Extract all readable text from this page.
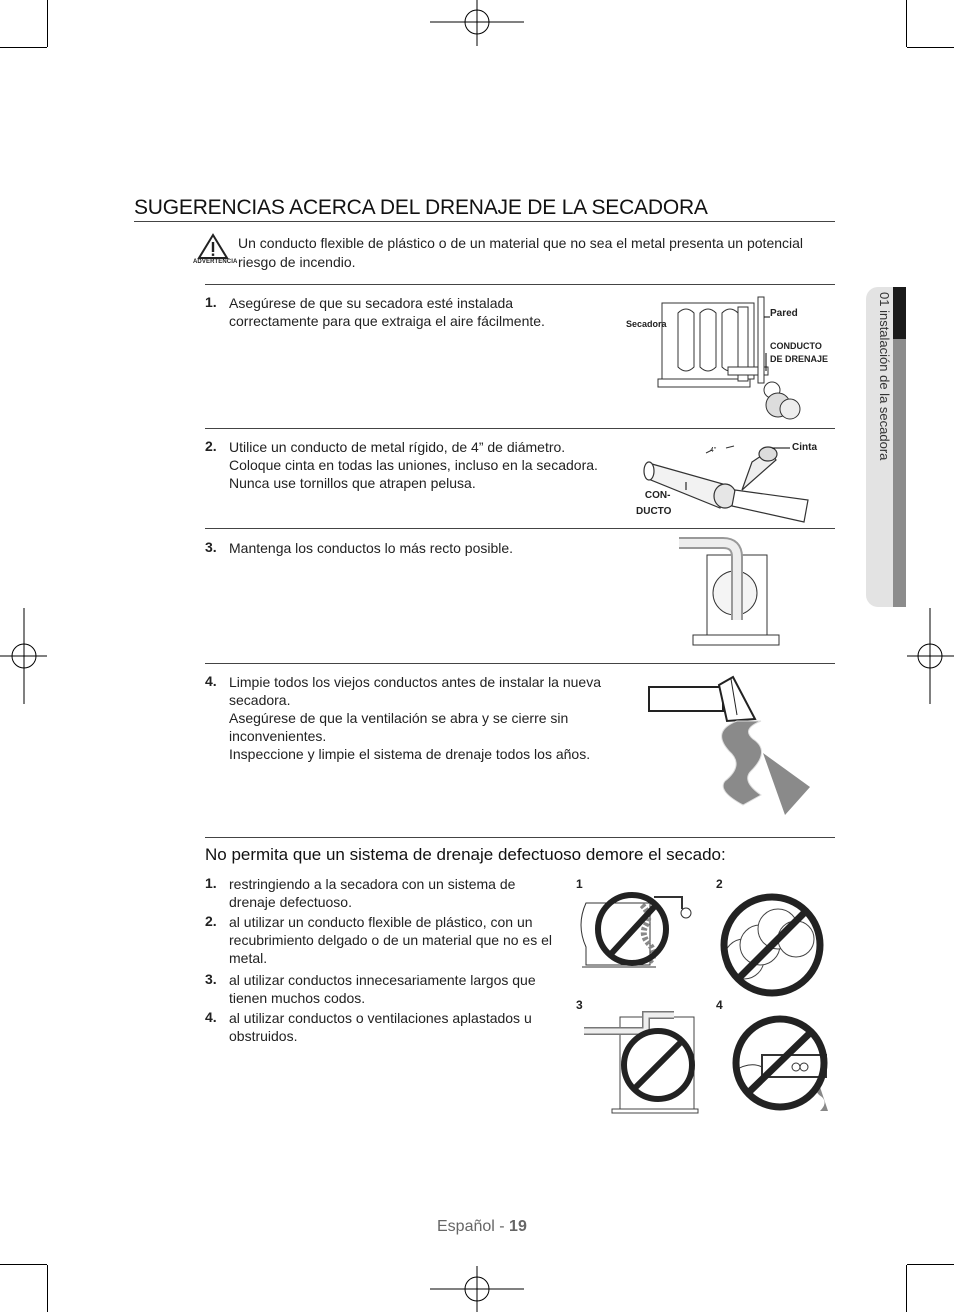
SUGERENCIAS ACERCA DEL DRENAJE DE LA SECADORA
ADVERTENCIA
Un conducto flexible de plástico o de un material que no sea el metal presenta un potencial riesgo de incendio.
1. Asegúrese de que su secadora esté instalada
correctamente para que extraiga el aire fácilmente.	Secadora
Pared
CONDUCTO
DE DRENAJE
2. Utilice un conducto de metal rígido, de 4” de diámetro.
Coloque cinta en todas las uniones, incluso en la secadora.
Nunca use tornillos que atrapen pelusa.
4"	Cinta
CON-
DUCTO
3. Mantenga los conductos lo más recto posible.
4. Limpie todos los viejos conductos antes de instalar la nueva
secadora.
Asegúrese de que la ventilación se abra y se cierre sin
inconvenientes.
Inspeccione y limpie el sistema de drenaje todos los años.
No permita que un sistema de drenaje defectuoso demore el secado:
1. restringiendo a la secadora con un sistema de
drenaje defectuoso.
2. al utilizar un conducto flexible de plástico, con un
recubrimiento delgado o de un material que no es el
metal.
3. al utilizar conductos innecesariamente largos que
tienen muchos codos.
4. al utilizar conductos o ventilaciones aplastados u
obstruidos.
1	2
3	4
01 instalación de la secadora
Español - 19
